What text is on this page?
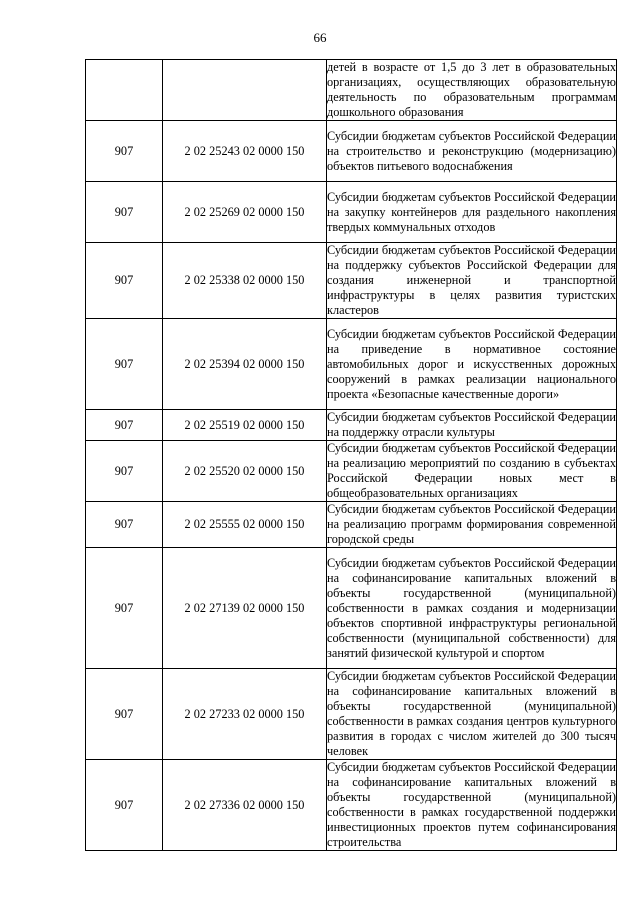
66
		детей в возрасте от 1,5 до 3 лет в образовательных организациях, осуществляющих образовательную деятельность по образовательным программам дошкольного образования
907	2 02 25243 02 0000 150	Субсидии бюджетам субъектов Российской Федерации на строительство и реконструкцию (модернизацию) объектов питьевого водоснабжения
907	2 02 25269 02 0000 150	Субсидии бюджетам субъектов Российской Федерации на закупку контейнеров для раздельного накопления твердых коммунальных отходов
907	2 02 25338 02 0000 150	Субсидии бюджетам субъектов Российской Федерации на поддержку субъектов Российской Федерации для создания инженерной и транспортной инфраструктуры в целях развития туристских кластеров
907	2 02 25394 02 0000 150	Субсидии бюджетам субъектов Российской Федерации на приведение в нормативное состояние автомобильных дорог и искусственных дорожных сооружений в рамках реализации национального проекта «Безопасные качественные дороги»
907	2 02 25519 02 0000 150	Субсидии бюджетам субъектов Российской Федерации на поддержку отрасли культуры
907	2 02 25520 02 0000 150	Субсидии бюджетам субъектов Российской Федерации на реализацию мероприятий по созданию в субъектах Российской Федерации новых мест в общеобразовательных организациях
907	2 02 25555 02 0000 150	Субсидии бюджетам субъектов Российской Федерации на реализацию программ формирования современной городской среды
907	2 02 27139 02 0000 150	Субсидии бюджетам субъектов Российской Федерации на софинансирование капитальных вложений в объекты государственной (муниципальной) собственности в рамках создания и модернизации объектов спортивной инфраструктуры региональной собственности (муниципальной собственности) для занятий физической культурой и спортом
907	2 02 27233 02 0000 150	Субсидии бюджетам субъектов Российской Федерации на софинансирование капитальных вложений в объекты государственной (муниципальной) собственности в рамках создания центров культурного развития в городах с числом жителей до 300 тысяч человек
907	2 02 27336 02 0000 150	Субсидии бюджетам субъектов Российской Федерации на софинансирование капитальных вложений в объекты государственной (муниципальной) собственности в рамках государственной поддержки инвестиционных проектов путем софинансирования строительства
